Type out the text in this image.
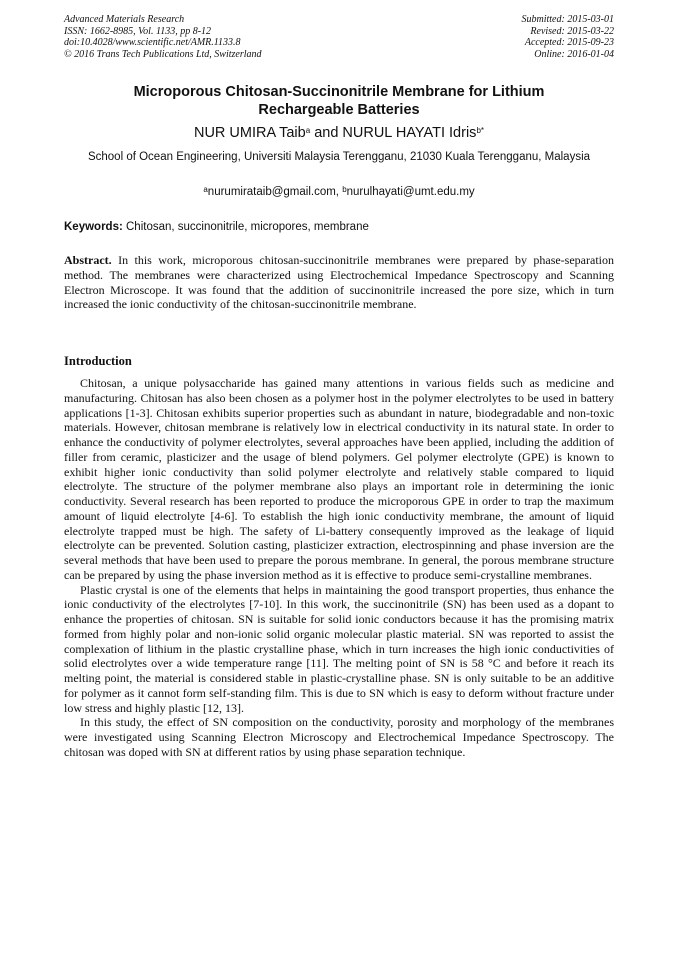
Advanced Materials Research
ISSN: 1662-8985, Vol. 1133, pp 8-12
doi:10.4028/www.scientific.net/AMR.1133.8
© 2016 Trans Tech Publications Ltd, Switzerland
Submitted: 2015-03-01
Revised: 2015-03-22
Accepted: 2015-09-23
Online: 2016-01-04
Microporous Chitosan-Succinonitrile Membrane for Lithium
Rechargeable Batteries
NUR UMIRA Taib$^a$ and NURUL HAYATI Idris$^{b*}$
School of Ocean Engineering, Universiti Malaysia Terengganu, 21030 Kuala Terengganu, Malaysia
$^a$nurumirataib@gmail.com, $^b$nurulhayati@umt.edu.my
Keywords: Chitosan, succinonitrile, micropores, membrane
Abstract. In this work, microporous chitosan-succinonitrile membranes were prepared by phase-separation method. The membranes were characterized using Electrochemical Impedance Spectroscopy and Scanning Electron Microscope. It was found that the addition of succinonitrile increased the pore size, which in turn increased the ionic conductivity of the chitosan-succinonitrile membrane.
Introduction

Chitosan, a unique polysaccharide has gained many attentions in various fields such as medicine and manufacturing. Chitosan has also been chosen as a polymer host in the polymer electrolytes to be used in battery applications [1-3]. Chitosan exhibits superior properties such as abundant in nature, biodegradable and non-toxic materials. However, chitosan membrane is relatively low in electrical conductivity in its natural state. In order to enhance the conductivity of polymer electrolytes, several approaches have been applied, including the addition of filler from ceramic, plasticizer and the usage of blend polymers. Gel polymer electrolyte (GPE) is known to exhibit higher ionic conductivity than solid polymer electrolyte and relatively stable compared to liquid electrolyte. The structure of the polymer membrane also plays an important role in determining the ionic conductivity. Several research has been reported to produce the microporous GPE in order to trap the maximum amount of liquid electrolyte [4-6]. To establish the high ionic conductivity membrane, the amount of liquid electrolyte trapped must be high. The safety of Li-battery consequently improved as the leakage of liquid electrolyte can be prevented. Solution casting, plasticizer extraction, electrospinning and phase inversion are the several methods that have been used to prepare the porous membrane. In general, the porous membrane structure can be prepared by using the phase inversion method as it is effective to produce semi-crystalline membranes.

Plastic crystal is one of the elements that helps in maintaining the good transport properties, thus enhance the ionic conductivity of the electrolytes [7-10]. In this work, the succinonitrile (SN) has been used as a dopant to enhance the properties of chitosan. SN is suitable for solid ionic conductors because it has the promising matrix formed from highly polar and non-ionic solid organic molecular plastic material. SN was reported to assist the complexation of lithium in the plastic crystalline phase, which in turn increases the high ionic conductivities of solid electrolytes over a wide temperature range [11]. The melting point of SN is 58 °C and before it reach its melting point, the material is considered stable in plastic-crystalline phase. SN is only suitable to be an additive for polymer as it cannot form self-standing film. This is due to SN which is easy to deform without fracture under low stress and highly plastic [12, 13].

In this study, the effect of SN composition on the conductivity, porosity and morphology of the membranes were investigated using Scanning Electron Microscopy and Electrochemical Impedance Spectroscopy. The chitosan was doped with SN at different ratios by using phase separation technique.
